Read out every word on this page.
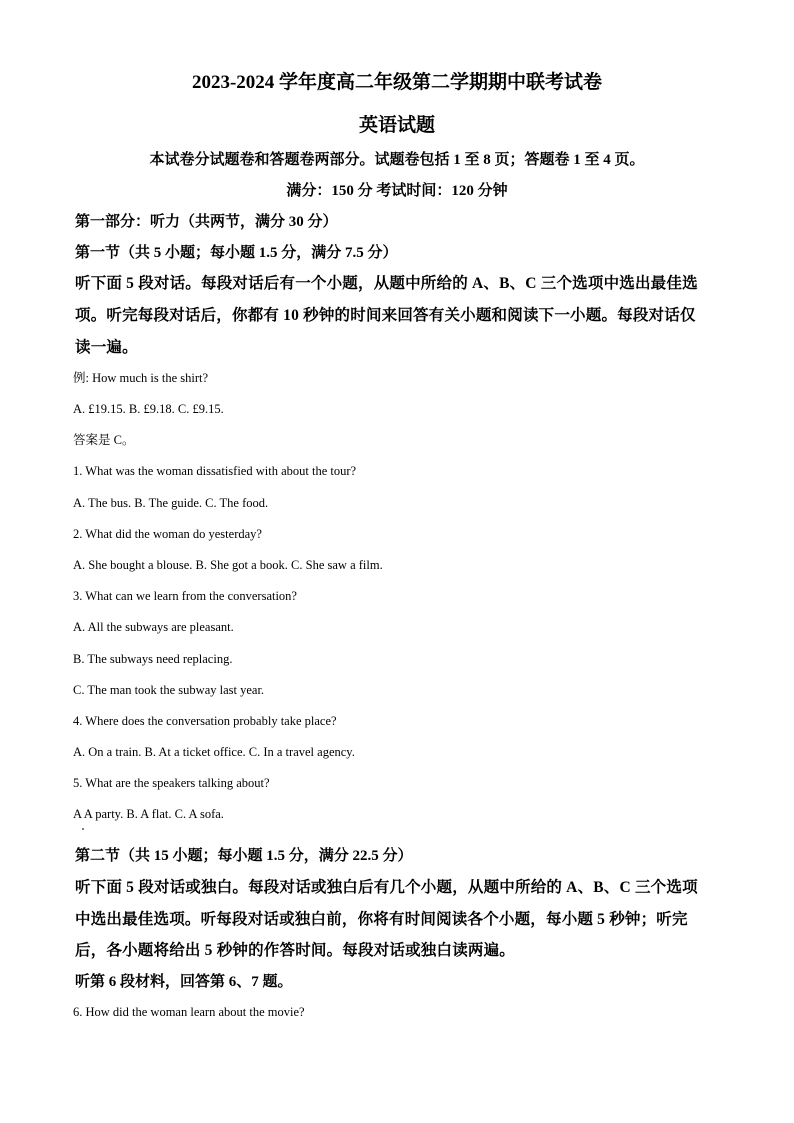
2023-2024 学年度高二年级第二学期期中联考试卷
英语试题
本试卷分试题卷和答题卷两部分。试题卷包括 1 至 8 页；答题卷 1 至 4 页。
满分：150 分 考试时间：120 分钟
第一部分：听力（共两节，满分 30 分）
第一节（共 5 小题；每小题 1.5 分，满分 7.5 分）
听下面 5 段对话。每段对话后有一个小题，从题中所给的 A、B、C 三个选项中选出最佳选
项。听完每段对话后，你都有 10 秒钟的时间来回答有关小题和阅读下一小题。每段对话仅
读一遍。
例: How much is the shirt?
A. £19.15. B. £9.18. C. £9.15.
答案是 C。
1. What was the woman dissatisfied with about the tour?
A. The bus. B. The guide. C. The food.
2. What did the woman do yesterday?
A. She bought a blouse. B. She got a book. C. She saw a film.
3. What can we learn from the conversation?
A. All the subways are pleasant.
B. The subways need replacing.
C. The man took the subway last year.
4. Where does the conversation probably take place?
A. On a train. B. At a ticket office. C. In a travel agency.
5. What are the speakers talking about?
A A party. B. A flat. C. A sofa.
第二节（共 15 小题；每小题 1.5 分，满分 22.5 分）
听下面 5 段对话或独白。每段对话或独白后有几个小题，从题中所给的 A、B、C 三个选项
中选出最佳选项。听每段对话或独白前，你将有时间阅读各个小题，每小题 5 秒钟；听完
后，各小题将给出 5 秒钟的作答时间。每段对话或独白读两遍。
听第 6 段材料，回答第 6、7 题。
6. How did the woman learn about the movie?
